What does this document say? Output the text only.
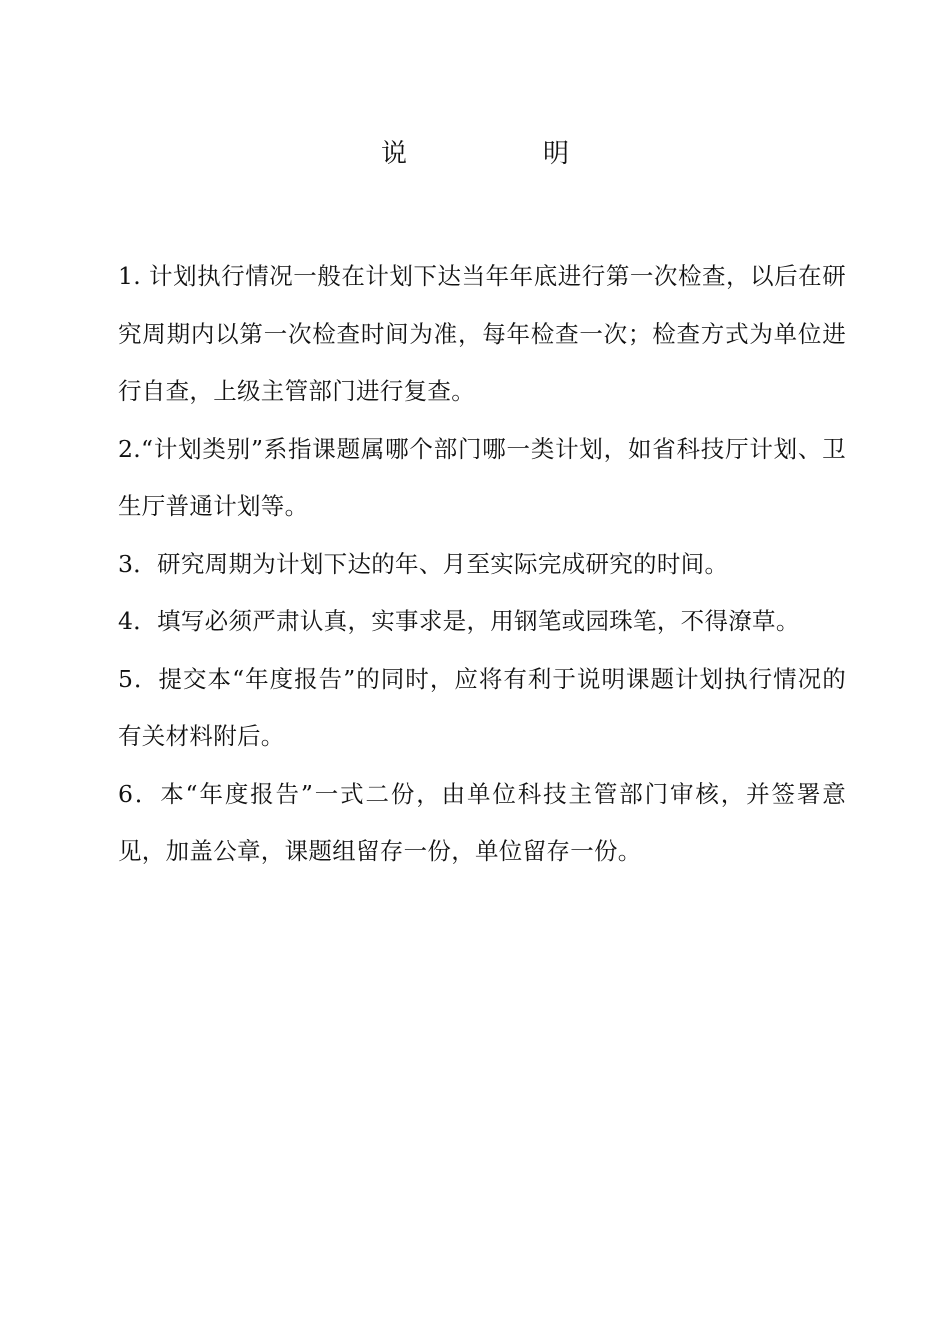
说	明

1. 计划执行情况一般在计划下达当年年底进行第一次检查，以后在研究周期内以第一次检查时间为准，每年检查一次；检查方式为单位进行自查，上级主管部门进行复查。

2.“计划类别”系指课题属哪个部门哪一类计划，如省科技厅计划、卫生厅普通计划等。

3．研究周期为计划下达的年、月至实际完成研究的时间。

4．填写必须严肃认真，实事求是，用钢笔或园珠笔，不得潦草。

5．提交本“年度报告”的同时，应将有利于说明课题计划执行情况的有关材料附后。

6．本“年度报告”一式二份，由单位科技主管部门审核，并签署意见，加盖公章，课题组留存一份，单位留存一份。
